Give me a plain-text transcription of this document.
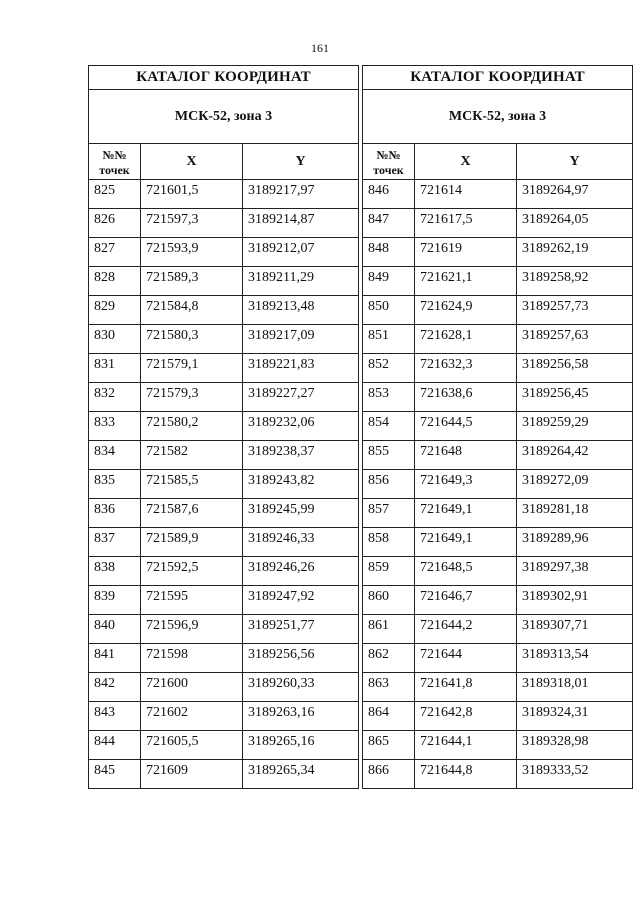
161
КАТАЛОГ КООРДИНАТ		
МСК-52, зона 3		

№№
точек	X	Y
825	721601,5	3189217,97
826	721597,3	3189214,87
827	721593,9	3189212,07
828	721589,3	3189211,29
829	721584,8	3189213,48
830	721580,3	3189217,09
831	721579,1	3189221,83
832	721579,3	3189227,27
833	721580,2	3189232,06
834	721582	3189238,37
835	721585,5	3189243,82
836	721587,6	3189245,99
837	721589,9	3189246,33
838	721592,5	3189246,26
839	721595	3189247,92
840	721596,9	3189251,77
841	721598	3189256,56
842	721600	3189260,33
843	721602	3189263,16
844	721605,5	3189265,16
845	721609	3189265,34
КАТАЛОГ КООРДИНАТ		
МСК-52, зона 3		

№№
точек	X	Y
846	721614	3189264,97
847	721617,5	3189264,05
848	721619	3189262,19
849	721621,1	3189258,92
850	721624,9	3189257,73
851	721628,1	3189257,63
852	721632,3	3189256,58
853	721638,6	3189256,45
854	721644,5	3189259,29
855	721648	3189264,42
856	721649,3	3189272,09
857	721649,1	3189281,18
858	721649,1	3189289,96
859	721648,5	3189297,38
860	721646,7	3189302,91
861	721644,2	3189307,71
862	721644	3189313,54
863	721641,8	3189318,01
864	721642,8	3189324,31
865	721644,1	3189328,98
866	721644,8	3189333,52
